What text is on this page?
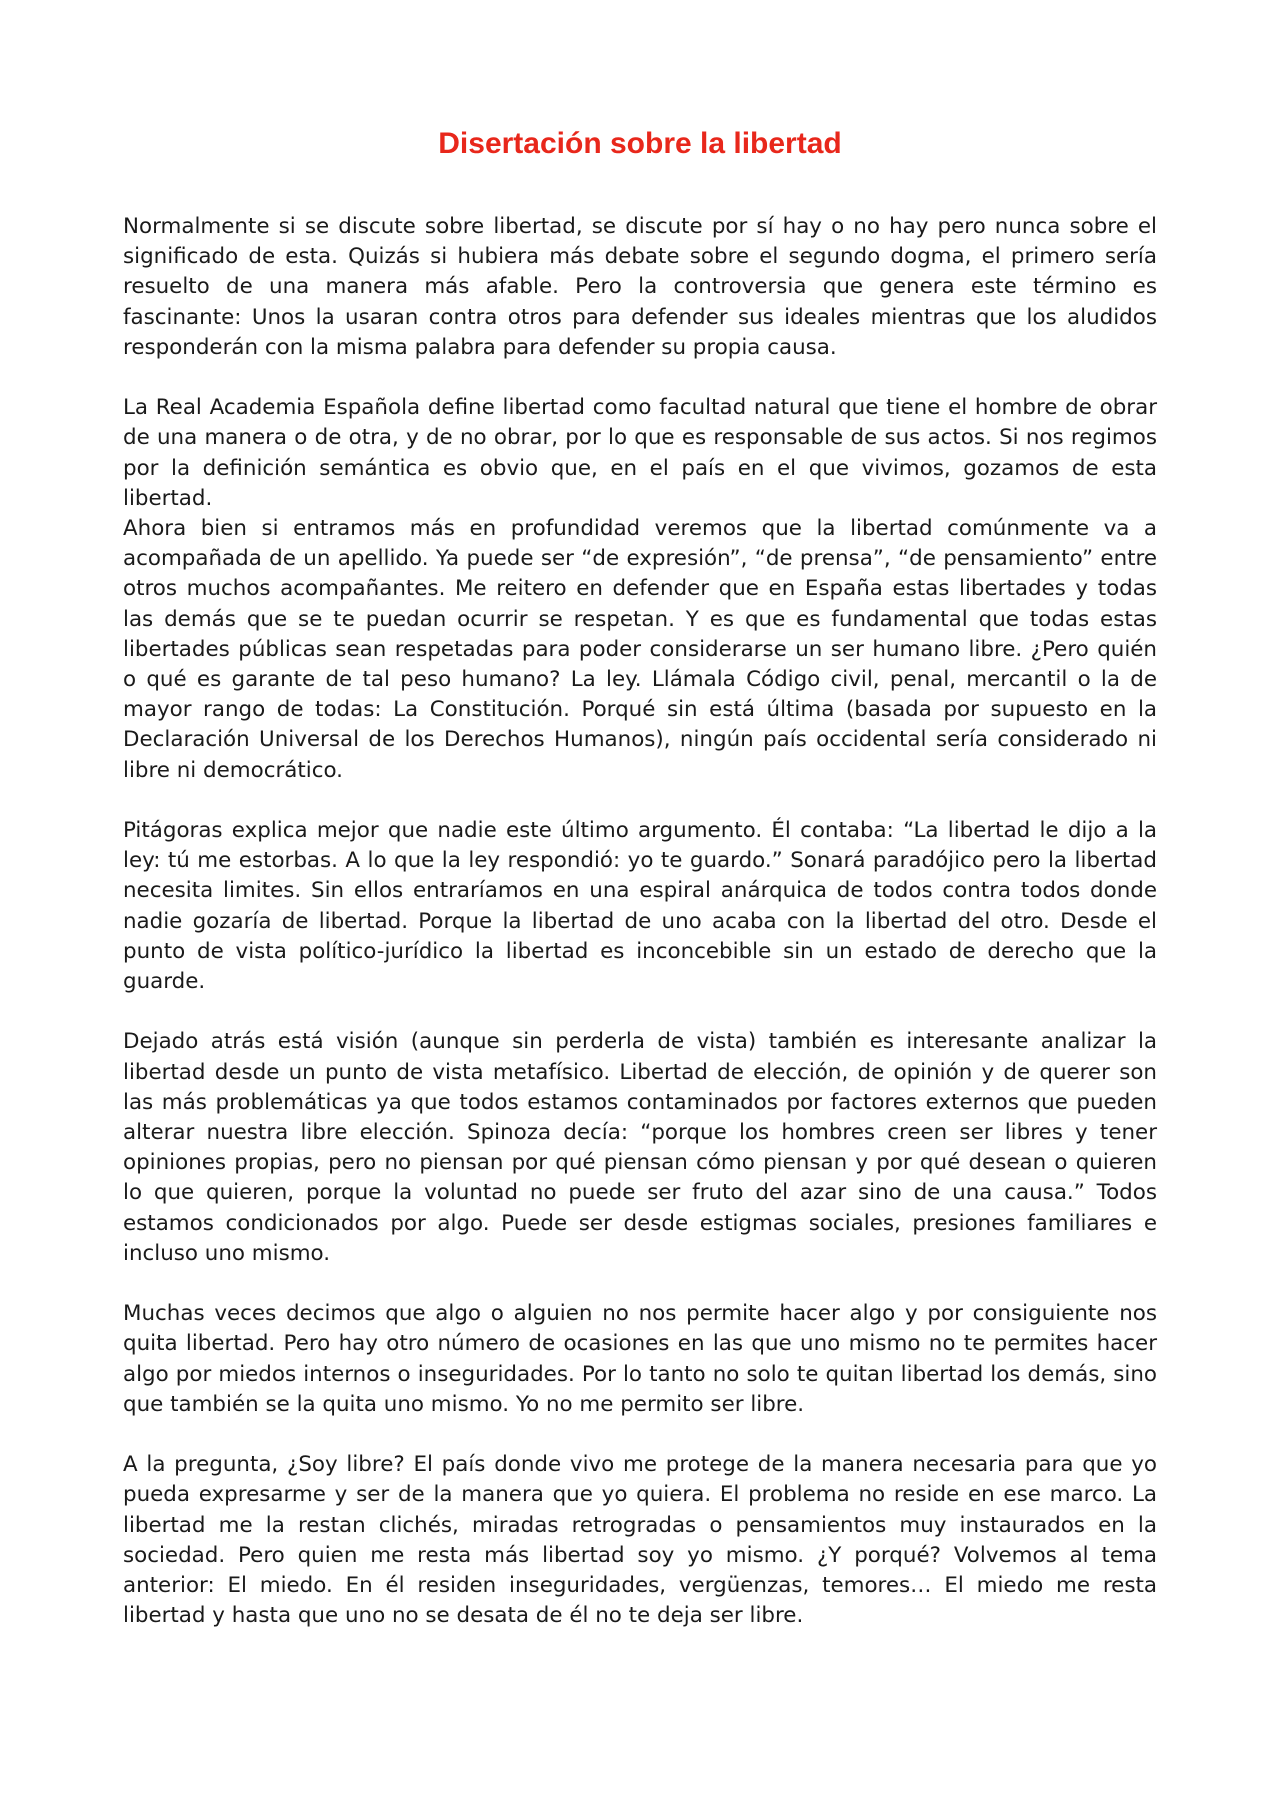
Disertación sobre la libertad

Normalmente si se discute sobre libertad, se discute por sí hay o no hay pero nunca sobre el significado de esta. Quizás si hubiera más debate sobre el segundo dogma, el primero sería resuelto de una manera más afable. Pero la controversia que genera este término es fascinante: Unos la usaran contra otros para defender sus ideales mientras que los aludidos responderán con la misma palabra para defender su propia causa.

La Real Academia Española define libertad como facultad natural que tiene el hombre de obrar de una manera o de otra, y de no obrar, por lo que es responsable de sus actos. Si nos regimos por la definición semántica es obvio que, en el país en el que vivimos, gozamos de esta libertad.

Ahora bien si entramos más en profundidad veremos que la libertad comúnmente va a acompañada de un apellido. Ya puede ser “de expresión”, “de prensa”, “de pensamiento” entre otros muchos acompañantes. Me reitero en defender que en España estas libertades y todas las demás que se te puedan ocurrir se respetan. Y es que es fundamental que todas estas libertades públicas sean respetadas para poder considerarse un ser humano libre. ¿Pero quién o qué es garante de tal peso humano? La ley. Llámala Código civil, penal, mercantil o la de mayor rango de todas: La Constitución. Porqué sin está última (basada por supuesto en la Declaración Universal de los Derechos Humanos), ningún país occidental sería considerado ni libre ni democrático.

Pitágoras explica mejor que nadie este último argumento. Él contaba: “La libertad le dijo a la ley: tú me estorbas. A lo que la ley respondió: yo te guardo.” Sonará paradójico pero la libertad necesita limites. Sin ellos entraríamos en una espiral anárquica de todos contra todos donde nadie gozaría de libertad. Porque la libertad de uno acaba con la libertad del otro. Desde el punto de vista político-jurídico la libertad es inconcebible sin un estado de derecho que la guarde.

Dejado atrás está visión (aunque sin perderla de vista) también es interesante analizar la libertad desde un punto de vista metafísico. Libertad de elección, de opinión y de querer son las más problemáticas ya que todos estamos contaminados por factores externos que pueden alterar nuestra libre elección. Spinoza decía: “porque los hombres creen ser libres y tener opiniones propias, pero no piensan por qué piensan cómo piensan y por qué desean o quieren lo que quieren, porque la voluntad no puede ser fruto del azar sino de una causa.” Todos estamos condicionados por algo. Puede ser desde estigmas sociales, presiones familiares e incluso uno mismo.

Muchas veces decimos que algo o alguien no nos permite hacer algo y por consiguiente nos quita libertad. Pero hay otro número de ocasiones en las que uno mismo no te permites hacer algo por miedos internos o inseguridades. Por lo tanto no solo te quitan libertad los demás, sino que también se la quita uno mismo. Yo no me permito ser libre.

A la pregunta, ¿Soy libre? El país donde vivo me protege de la manera necesaria para que yo pueda expresarme y ser de la manera que yo quiera. El problema no reside en ese marco. La libertad me la restan clichés, miradas retrogradas o pensamientos muy instaurados en la sociedad. Pero quien me resta más libertad soy yo mismo. ¿Y porqué? Volvemos al tema anterior: El miedo. En él residen inseguridades, vergüenzas, temores… El miedo me resta libertad y hasta que uno no se desata de él no te deja ser libre.
